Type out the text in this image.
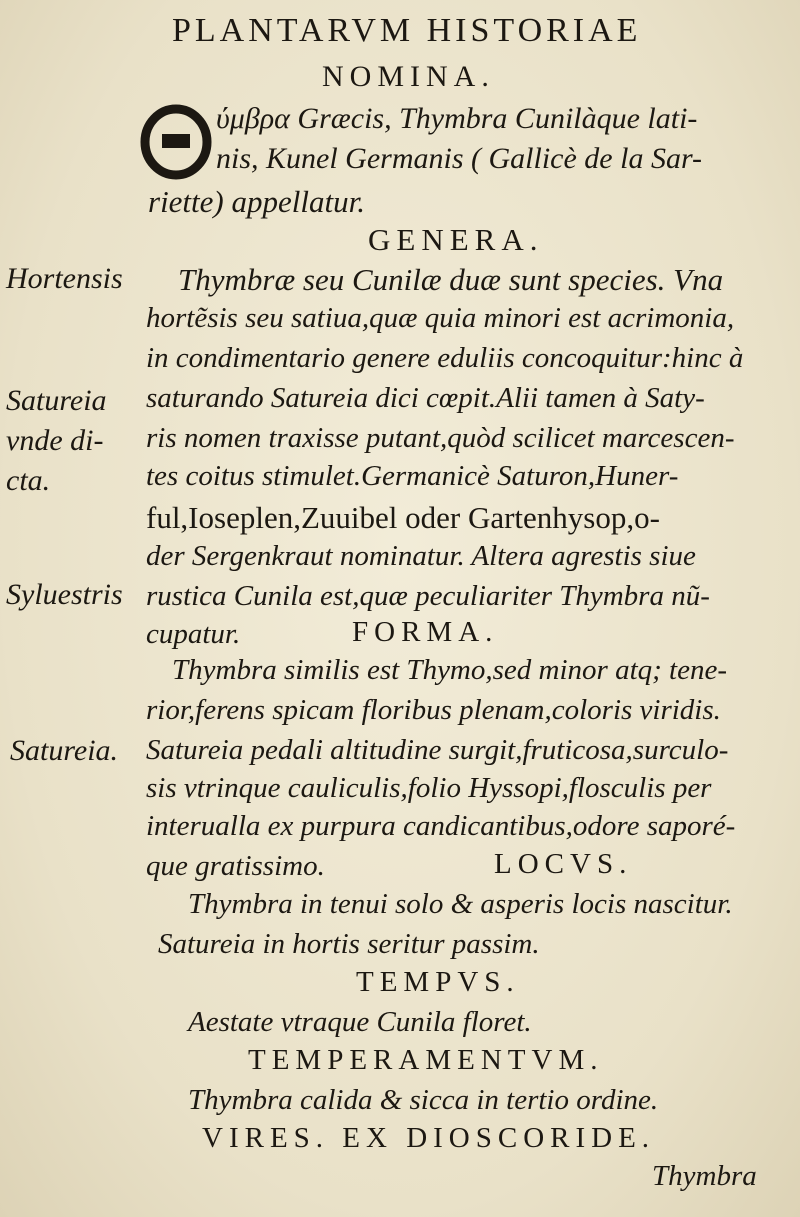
PLANTARVM HISTORIAE
NOMINA.
ύμβρα Græcis, Thymbra Cunilàque lati-
nis, Kunel Germanis ( Gallicè de la Sar-
riette) appellatur.
GENERA.
Thymbræ seu Cunilæ duæ sunt species. Vna
hortẽsis seu satiua,quæ quia minori est acrimonia,
in condimentario genere eduliis concoquitur:hinc à
saturando Satureia dici cœpit.Alii tamen à Saty-
ris nomen traxisse putant,quòd scilicet marcescen-
tes coitus stimulet.Germanicè Saturon,Huner-
ful,Ioseplen,Zuuibel oder Gartenhysop,o-
der Sergenkraut nominatur. Altera agrestis siue
rustica Cunila est,quæ peculiariter Thymbra nũ-
cupatur.	FORMA.
Thymbra similis est Thymo,sed minor atq; tene-
rior,ferens spicam floribus plenam,coloris viridis.
Satureia pedali altitudine surgit,fruticosa,surculo-
sis vtrinque cauliculis,folio Hyssopi,flosculis per
interualla ex purpura candicantibus,odore saporé-
que gratissimo.	LOCVS.
Thymbra in tenui solo & asperis locis nascitur.
Satureia in hortis seritur passim.
TEMPVS.
Aestate vtraque Cunila floret.
TEMPERAMENTVM.
Thymbra calida & sicca in tertio ordine.
VIRES. EX DIOSCORIDE.
Thymbra
Hortensis
Satureia
vnde di-
cta.
Syluestris
Satureia.
